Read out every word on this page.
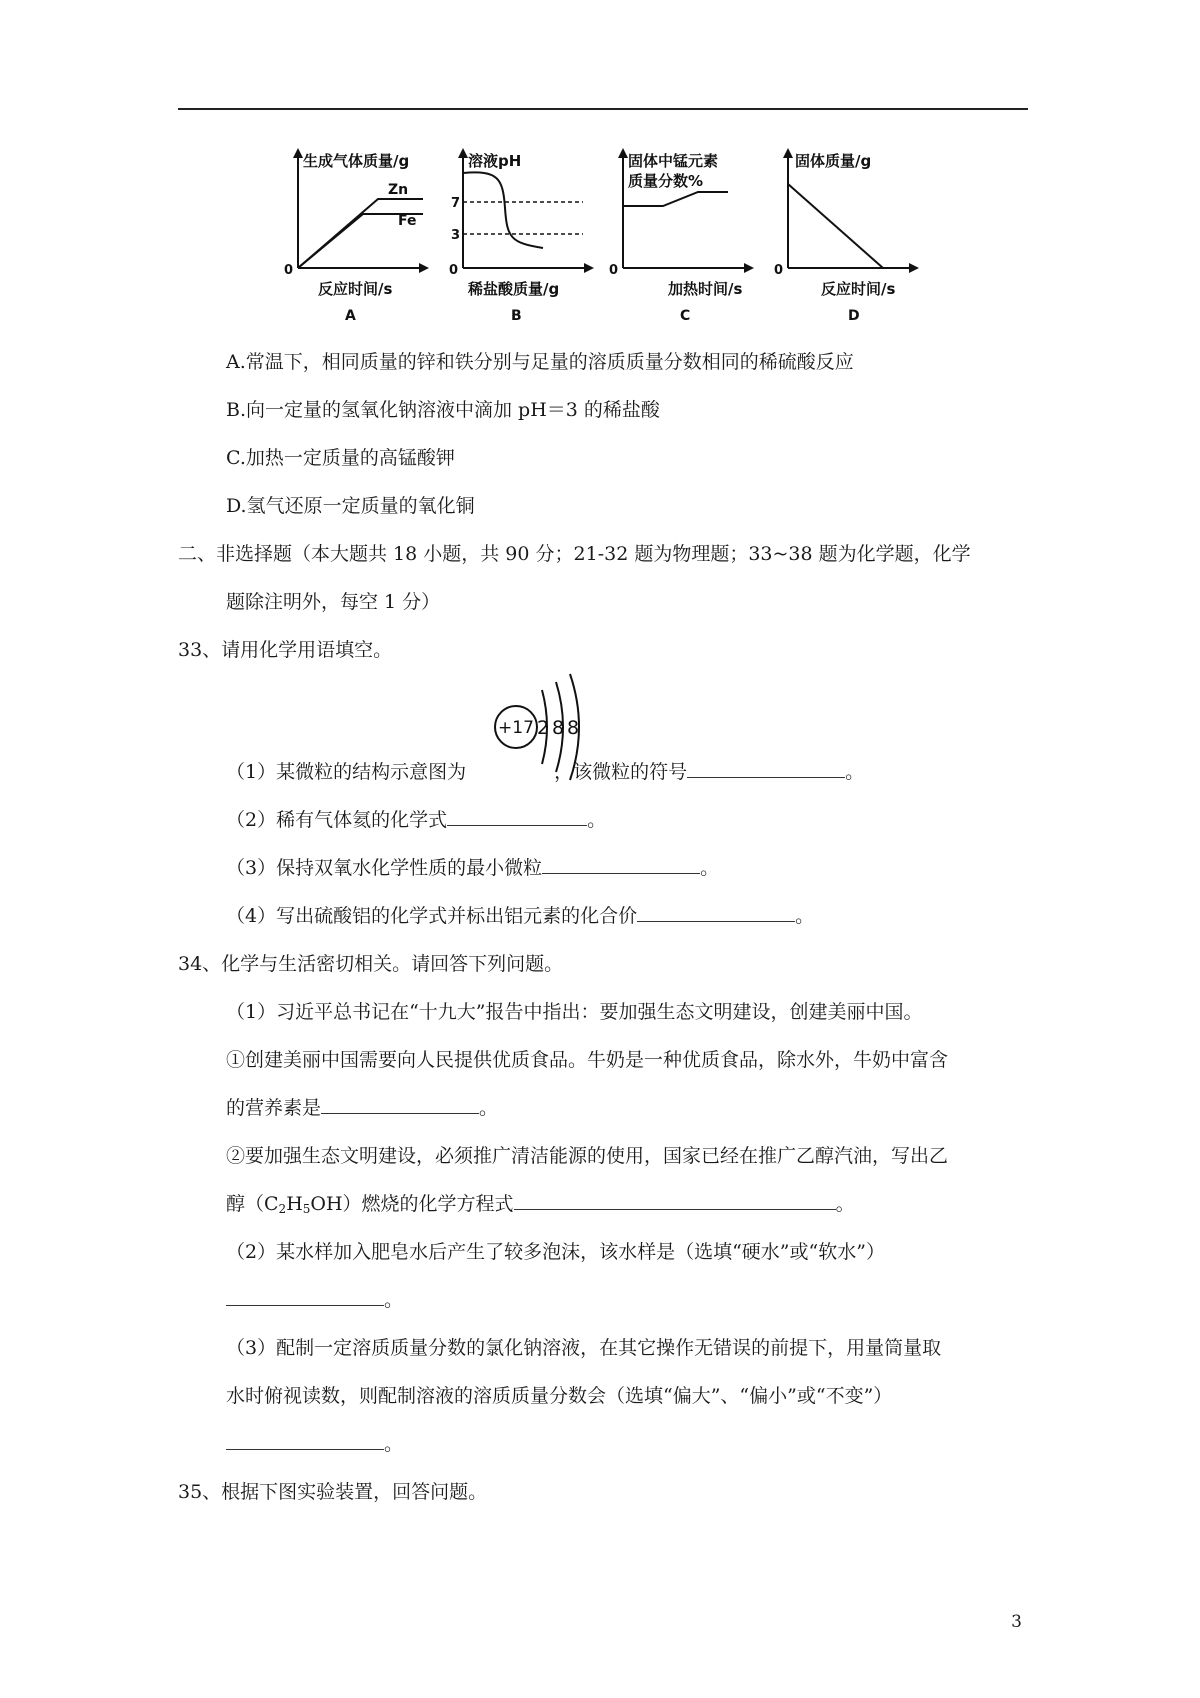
生成气体质量/g
0
反应时间/s
A
Zn
Fe
溶液pH
0
7
3
稀盐酸质量/g
B
固体中锰元素
质量分数%
0
加热时间/s
C
固体质量/g
0
反应时间/s
D
A.常温下，相同质量的锌和铁分别与足量的溶质质量分数相同的稀硫酸反应
B.向一定量的氢氧化钠溶液中滴加 pH＝3 的稀盐酸
C.加热一定质量的高锰酸钾
D.氢气还原一定质量的氧化铜
二、非选择题（本大题共 18 小题，共 90 分；21-32 题为物理题；33~38 题为化学题，化学
题除注明外，每空 1 分）
33、请用化学用语填空。
+17 2 8 8
（1）某微粒的结构示意图为	，该微粒的符号	。
（2）稀有气体氦的化学式	。
（3）保持双氧水化学性质的最小微粒	。
（4）写出硫酸铝的化学式并标出铝元素的化合价	。
34、化学与生活密切相关。请回答下列问题。
（1）习近平总书记在“十九大”报告中指出：要加强生态文明建设，创建美丽中国。
①创建美丽中国需要向人民提供优质食品。牛奶是一种优质食品，除水外，牛奶中富含
的营养素是	。
②要加强生态文明建设，必须推广清洁能源的使用，国家已经在推广乙醇汽油，写出乙
醇$(C_2H_5OH)$燃烧的化学方程式	。
（2）某水样加入肥皂水后产生了较多泡沫，该水样是（选填“硬水”或“软水”）
。
（3）配制一定溶质质量分数的氯化钠溶液，在其它操作无错误的前提下，用量筒量取
水时俯视读数，则配制溶液的溶质质量分数会（选填“偏大”、“偏小”或“不变”）
。
35、根据下图实验装置，回答问题。
3
